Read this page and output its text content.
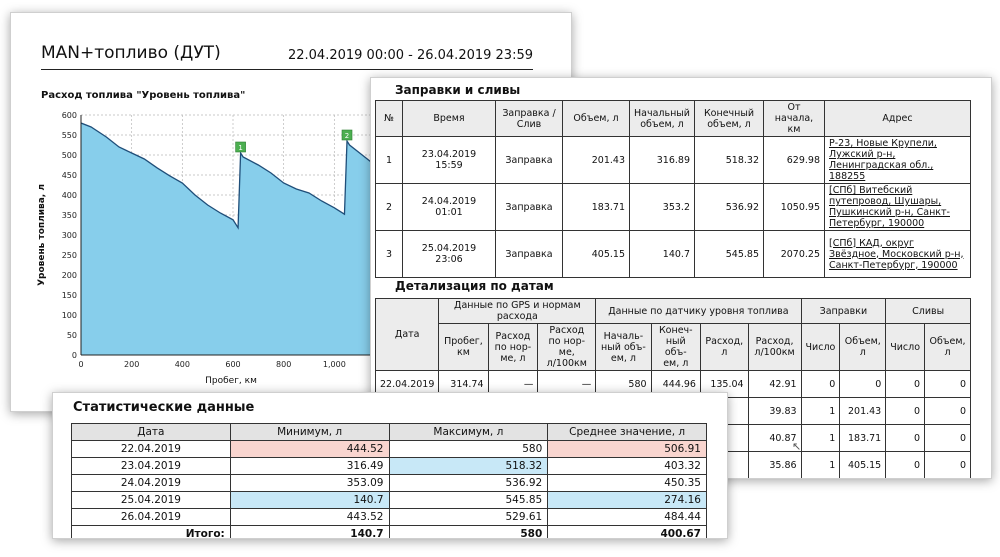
MAN+топливо (ДУТ)	22.04.2019 00:00 - 26.04.2019 23:59
Расход топлива "Уровень топлива"
0
50
100
150
200
250
300
350
400
450
500
550
600
0	200	400	600	800	1,000
1
2
Пробег, км
Уровень топлива, л
Заправки и сливы
№	Время	Заправка / Слив	Объем, л	Начальный объем, л	Конечный объем, л	От начала, км	Адрес
1	23.04.2019 15:59	Заправка	201.43	316.89	518.32	629.98	Р-23, Новые Крупели, Лужский р-н, Ленинградская обл., 188255
2	24.04.2019 01:01	Заправка	183.71	353.2	536.92	1050.95	[СПб] Витебский путепровод, Шушары, Пушкинский р-н, Санкт-Петербург, 190000
3	25.04.2019 23:06	Заправка	405.15	140.7	545.85	2070.25	[СПб] КАД, округ Звёздное, Московский р-н, Санкт-Петербург, 190000
Детализация по датам
Дата	Данные по GPS и нормам расхода			Данные по датчику уровня топлива				Заправки		Сливы	
	Пробег, км	Расход по нор- ме, л	Расход по нор- ме, л/100км	Началь- ный объ- ем, л	Конеч- ный объ- ем, л	Расход, л	Расход, л/100км	Число	Объем, л	Число	Объем, л
22.04.2019	314.74	—	—	580	444.96	135.04	42.91	0	0	0	0
							39.83	1	201.43	0	0
							40.87	1	183.71	0	0
							35.86	1	405.15	0	0
Статистические данные
Дата	Минимум, л	Максимум, л	Среднее значение, л
22.04.2019	444.52	580	506.91
23.04.2019	316.49	518.32	403.32
24.04.2019	353.09	536.92	450.35
25.04.2019	140.7	545.85	274.16
26.04.2019	443.52	529.61	484.44
Итого:	140.7	580	400.67
↖
